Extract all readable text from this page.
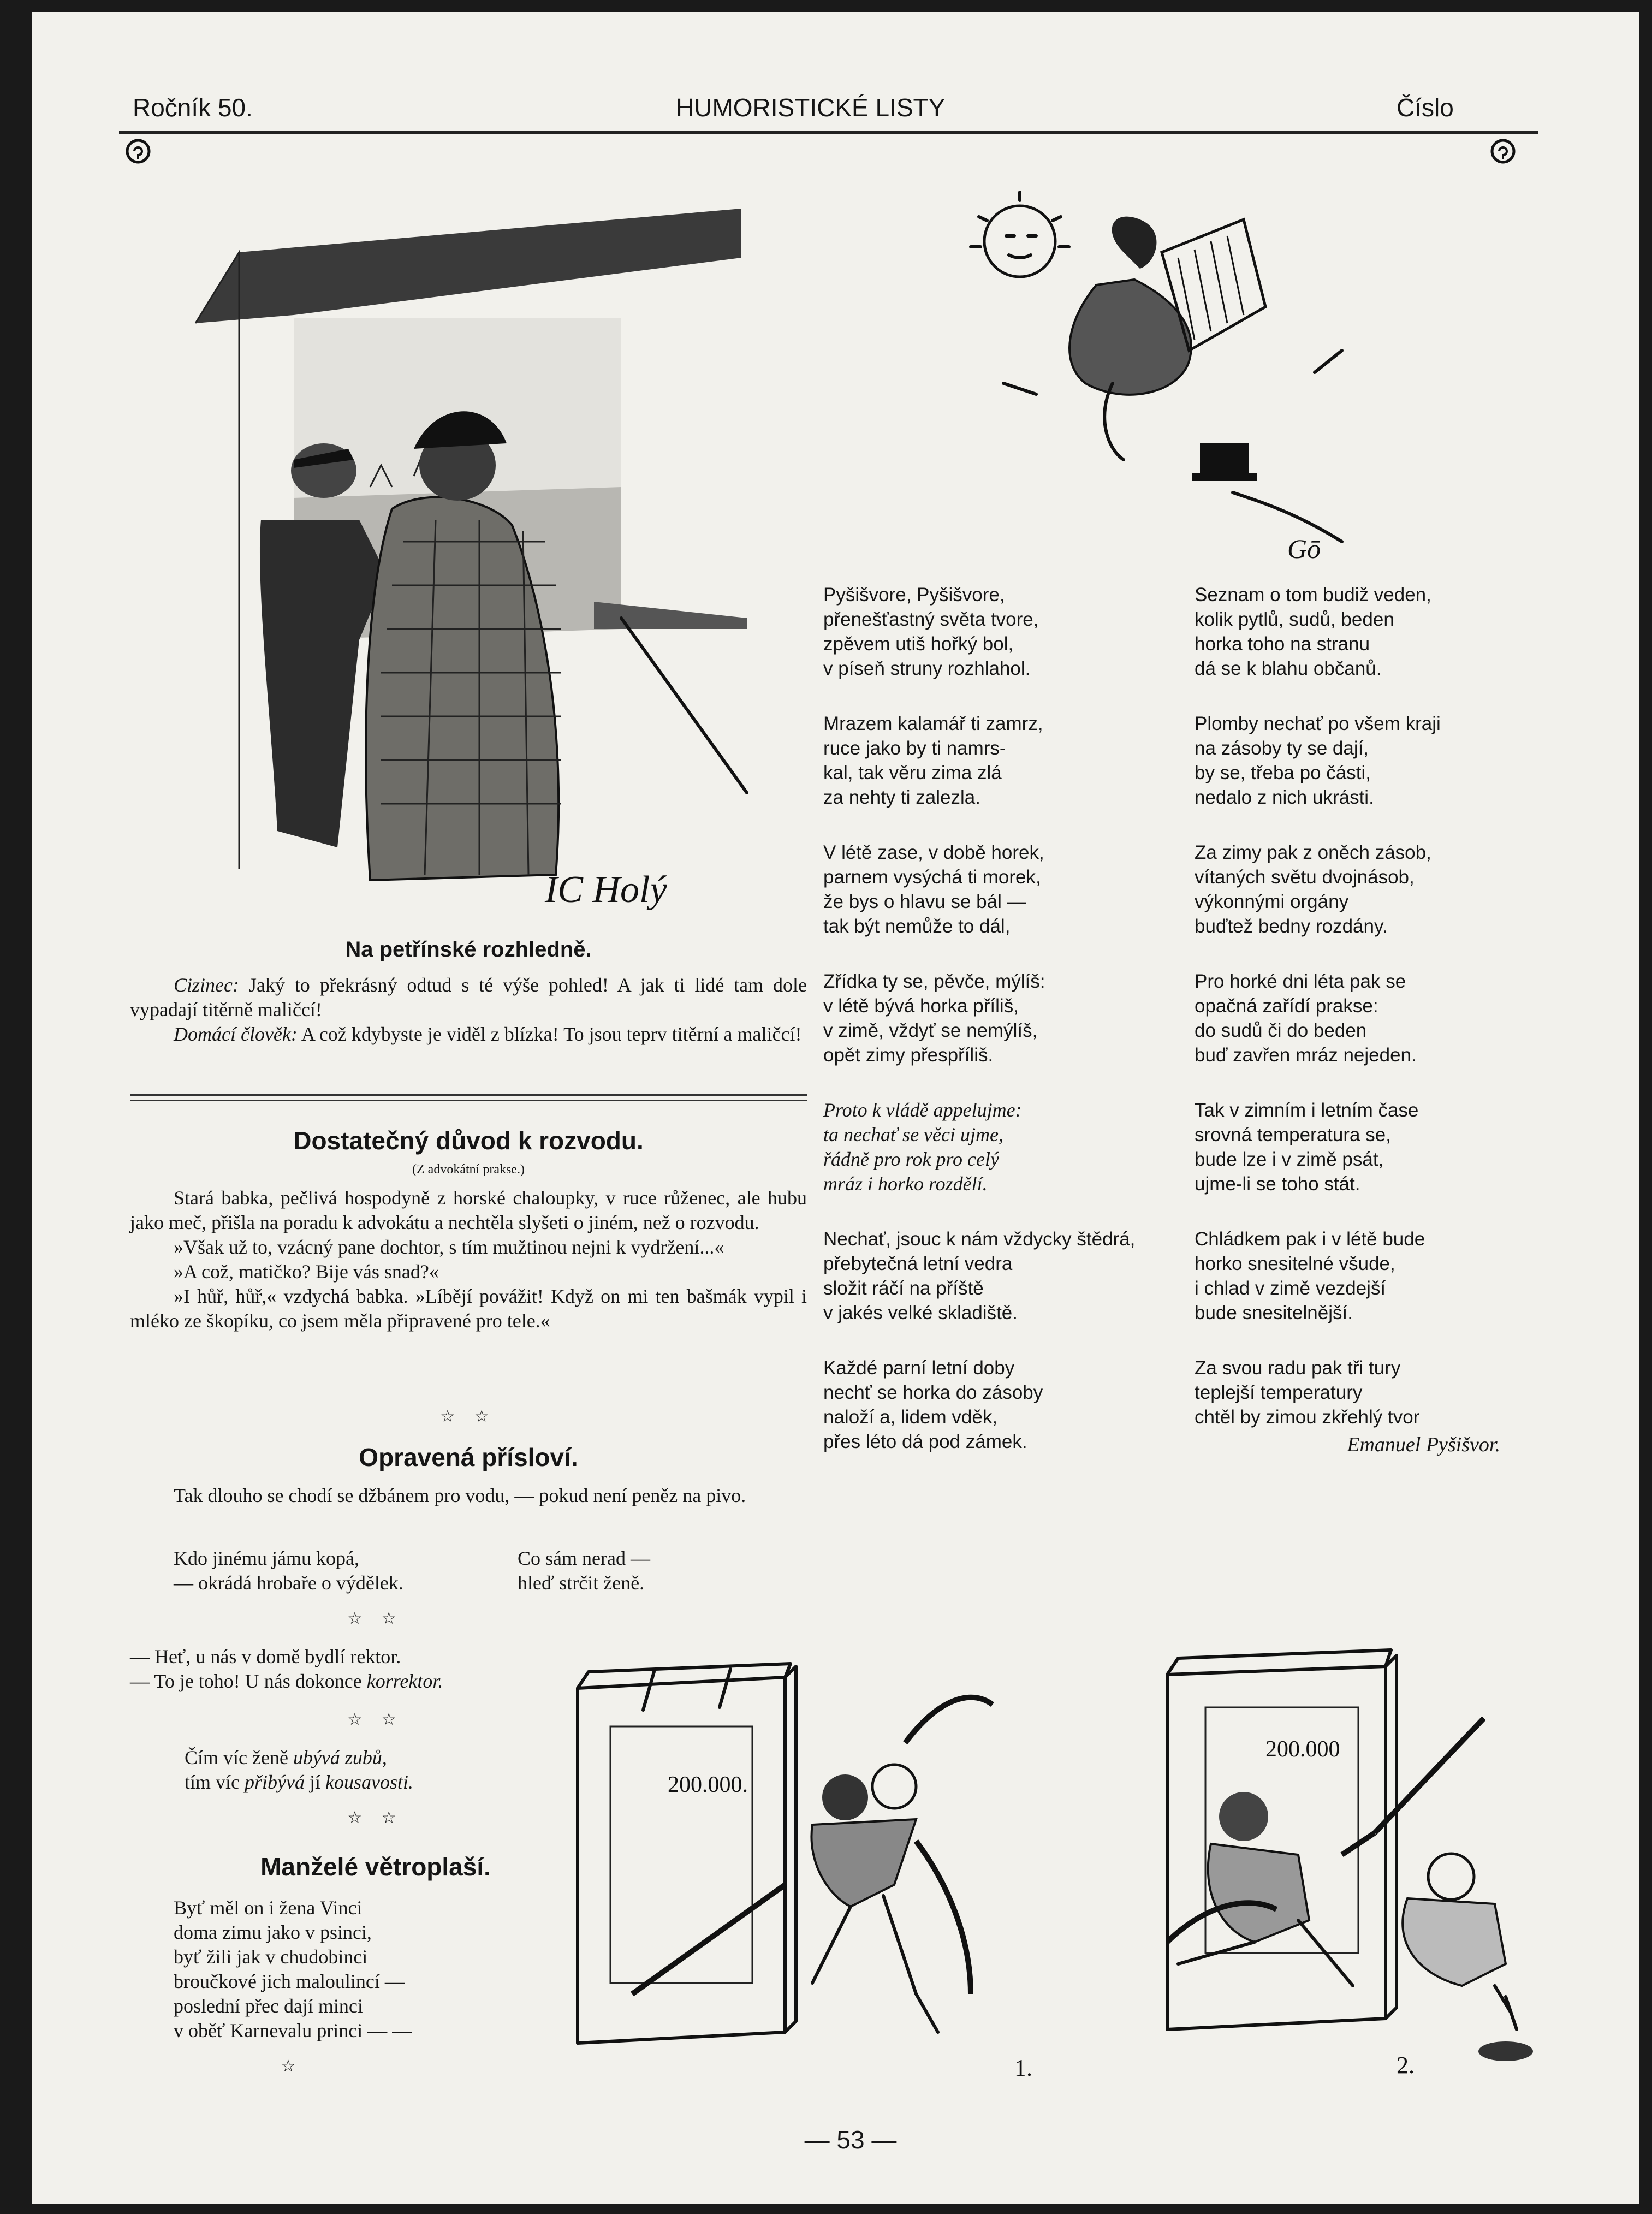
Ročník 50.	HUMORISTICKÉ LISTY	Číslo
IC Holý
Gō
Na petřínské rozhledně.
Cizinec: Jaký to překrásný odtud s té výše pohled! A jak ti lidé tam dole vypadají titěrně maličcí!
Domácí člověk: A což kdybyste je viděl z blízka! To jsou teprv titěrní a maličcí!
Dostatečný důvod k rozvodu.
(Z advokátní prakse.)
Stará babka, pečlivá hospodyně z horské chaloupky, v ruce růženec, ale hubu jako meč, přišla na poradu k advokátu a nechtěla slyšeti o jiném, než o rozvodu.
»Však už to, vzácný pane dochtor, s tím mužtinou nejni k vydržení...«
»A což, matičko? Bije vás snad?«
»I hůř, hůř,« vzdychá babka. »Líbějí povážit! Když on mi ten bašmák vypil i mléko ze škopíku, co jsem měla připravené pro tele.«
☆ ☆
Opravená přísloví.
Tak dlouho se chodí se džbánem pro vodu, — pokud není peněz na pivo.
Kdo jinému jámu kopá,
— okrádá hrobaře o výdělek.
Co sám nerad —
hleď strčit ženě.
☆ ☆
— Heť, u nás v domě bydlí rektor.
— To je toho! U nás dokonce korrektor.
☆ ☆
Čím víc ženě ubývá zubů,
tím víc přibývá jí kousavosti.
☆ ☆
Manželé větroplaší.
Byť měl on i žena Vinci
doma zimu jako v psinci,
byť žili jak v chudobinci
broučkové jich maloulincí —
poslední přec dají minci
v oběť Karnevalu princi — —
☆
Pyšišvore, Pyšišvore,
přenešťastný světa tvore,
zpěvem utiš hořký bol,
v píseň struny rozhlahol.
Mrazem kalamář ti zamrz,
ruce jako by ti namrs-
kal, tak věru zima zlá
za nehty ti zalezla.
V létě zase, v době horek,
parnem vysýchá ti morek,
že bys o hlavu se bál —
tak být nemůže to dál,
Zřídka ty se, pěvče, mýlíš:
v létě bývá horka příliš,
v zimě, vždyť se nemýlíš,
opět zimy přespříliš.
Proto k vládě appelujme:
ta nechať se věci ujme,
řádně pro rok pro celý
mráz i horko rozdělí.
Nechať, jsouc k nám vždycky štědrá,
přebytečná letní vedra
složit ráčí na příště
v jakés velké skladiště.
Každé parní letní doby
nechť se horka do zásoby
naloží a, lidem vděk,
přes léto dá pod zámek.
Seznam o tom budiž veden,
kolik pytlů, sudů, beden
horka toho na stranu
dá se k blahu občanů.
Plomby nechať po všem kraji
na zásoby ty se dají,
by se, třeba po části,
nedalo z nich ukrásti.
Za zimy pak z oněch zásob,
vítaných světu dvojnásob,
výkonnými orgány
buďtež bedny rozdány.
Pro horké dni léta pak se
opačná zařídí prakse:
do sudů či do beden
buď zavřen mráz nejeden.
Tak v zimním i letním čase
srovná temperatura se,
bude lze i v zimě psát,
ujme-li se toho stát.
Chládkem pak i v létě bude
horko snesitelné všude,
i chlad v zimě vezdejší
bude snesitelnější.
Za svou radu pak tři tury
teplejší temperatury
chtěl by zimou zkřehlý tvor
Emanuel Pyšišvor.
200.000.
1.
200.000
2.
— 53 —
